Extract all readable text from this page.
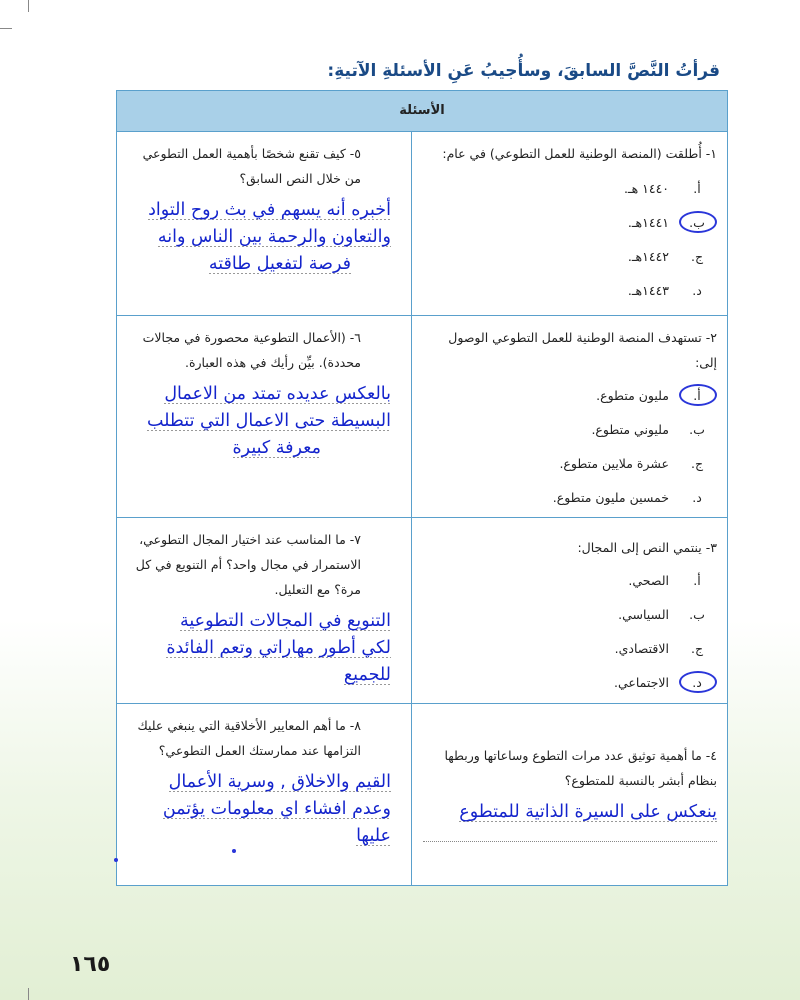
قرأتُ النَّصَّ السابقَ، وسأُجيبُ عَنِ الأسئلةِ الآتيةِ:
الأسئلة
١- أُطلقت (المنصة الوطنية للعمل التطوعي) في عام:
أ.١٤٤٠ هـ.
ب.
١٤٤١هـ.
ج.١٤٤٢هـ.
د.١٤٤٣هـ.
٥- كيف تقنع شخصًا بأهمية العمل التطوعي من خلال النص السابق؟
أخبره أنه يسهم في بث روح التواد
والتعاون والرحمة بين الناس وانه
فرصة لتفعيل طاقته
٢- تستهدف المنصة الوطنية للعمل التطوعي الوصول إلى:
أ.
مليون متطوع.
ب.مليوني متطوع.
ج.عشرة ملايين متطوع.
د.خمسين مليون متطوع.
٦- (الأعمال التطوعية محصورة في مجالات محددة). بيِّن رأيك في هذه العبارة.
بالعكس عديده تمتد من الاعمال
البسيطة حتى الاعمال التي تتطلب
معرفة كبيرة
٣- ينتمي النص إلى المجال:
أ.الصحي.
ب.السياسي.
ج.الاقتصادي.
د.
الاجتماعي.
٧- ما المناسب عند اختيار المجال التطوعي، الاستمرار في مجال واحد؟ أم التنويع في كل مرة؟ مع التعليل.
التنويع في المجالات التطوعية
لكي أطور مهاراتي وتعم الفائدة
للجميع
٤- ما أهمية توثيق عدد مرات التطوع وساعاتها وربطها بنظام أبشر بالنسبة للمتطوع؟
ينعكس على السيرة الذاتية للمتطوع
٨- ما أهم المعايير الأخلاقية التي ينبغي عليك التزامها عند ممارستك العمل التطوعي؟
القيم والاخلاق , وسرية الأعمال
وعدم افشاء اي معلومات يؤتمن
عليها
١٦٥
